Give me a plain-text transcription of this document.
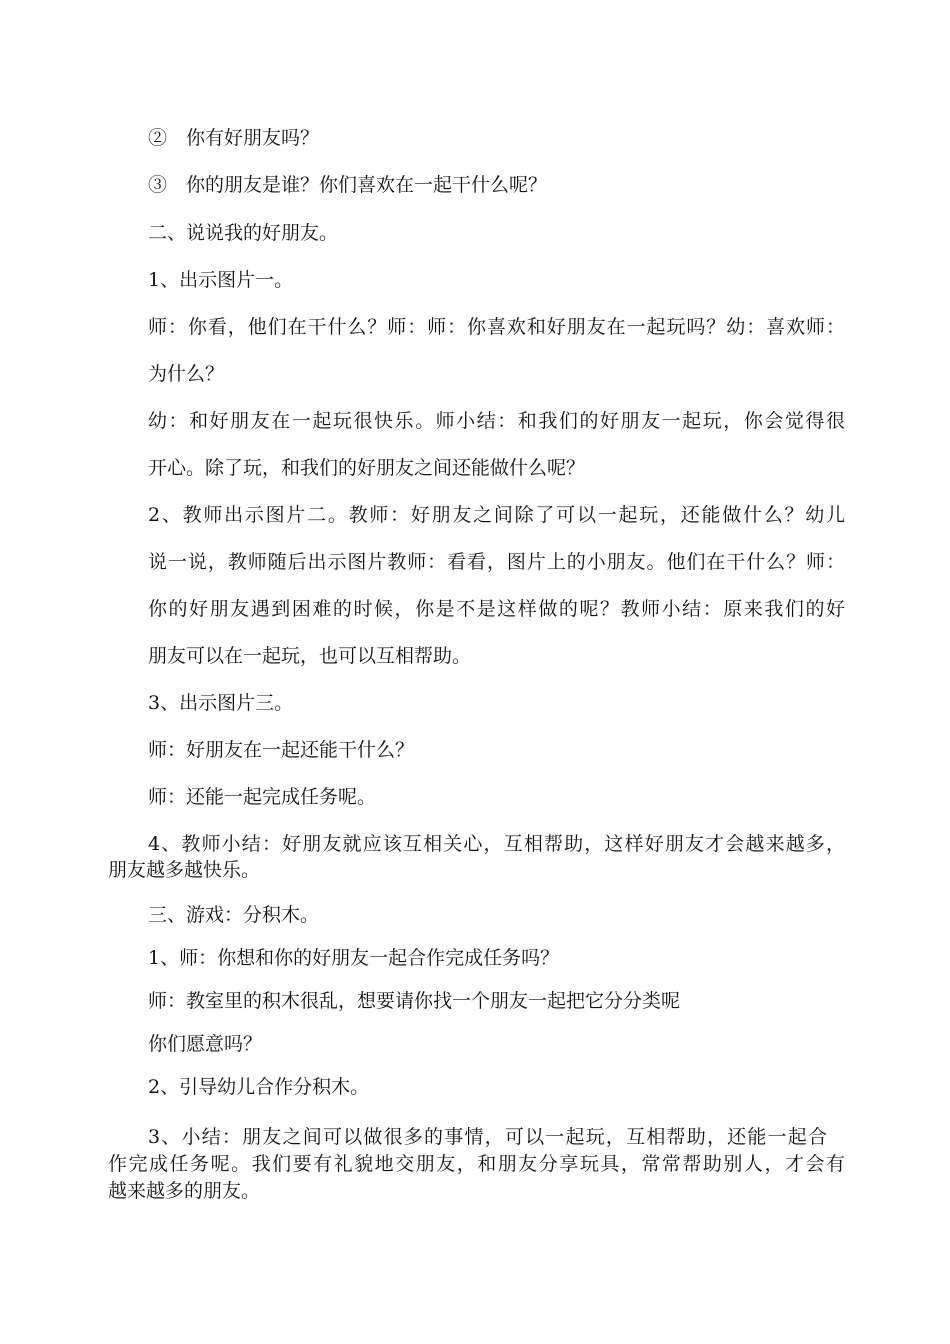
②　你有好朋友吗？

③　你的朋友是谁？你们喜欢在一起干什么呢？

二、说说我的好朋友。

1、出示图片一。

师：你看，他们在干什么？师：师：你喜欢和好朋友在一起玩吗？幼：喜欢师：

为什么？

幼：和好朋友在一起玩很快乐。师小结：和我们的好朋友一起玩，你会觉得很

开心。除了玩，和我们的好朋友之间还能做什么呢？

2、教师出示图片二。教师：好朋友之间除了可以一起玩，还能做什么？幼儿

说一说，教师随后出示图片教师：看看，图片上的小朋友。他们在干什么？师：

你的好朋友遇到困难的时候，你是不是这样做的呢？教师小结：原来我们的好

朋友可以在一起玩，也可以互相帮助。

3、出示图片三。

师：好朋友在一起还能干什么？

师：还能一起完成任务呢。

4、教师小结：好朋友就应该互相关心，互相帮助，这样好朋友才会越来越多，

朋友越多越快乐。

三、游戏：分积木。

1、师：你想和你的好朋友一起合作完成任务吗？

师：教室里的积木很乱，想要请你找一个朋友一起把它分分类呢

你们愿意吗？

2、引导幼儿合作分积木。

3、小结：朋友之间可以做很多的事情，可以一起玩，互相帮助，还能一起合

作完成任务呢。我们要有礼貌地交朋友，和朋友分享玩具，常常帮助别人，才会有

越来越多的朋友。
